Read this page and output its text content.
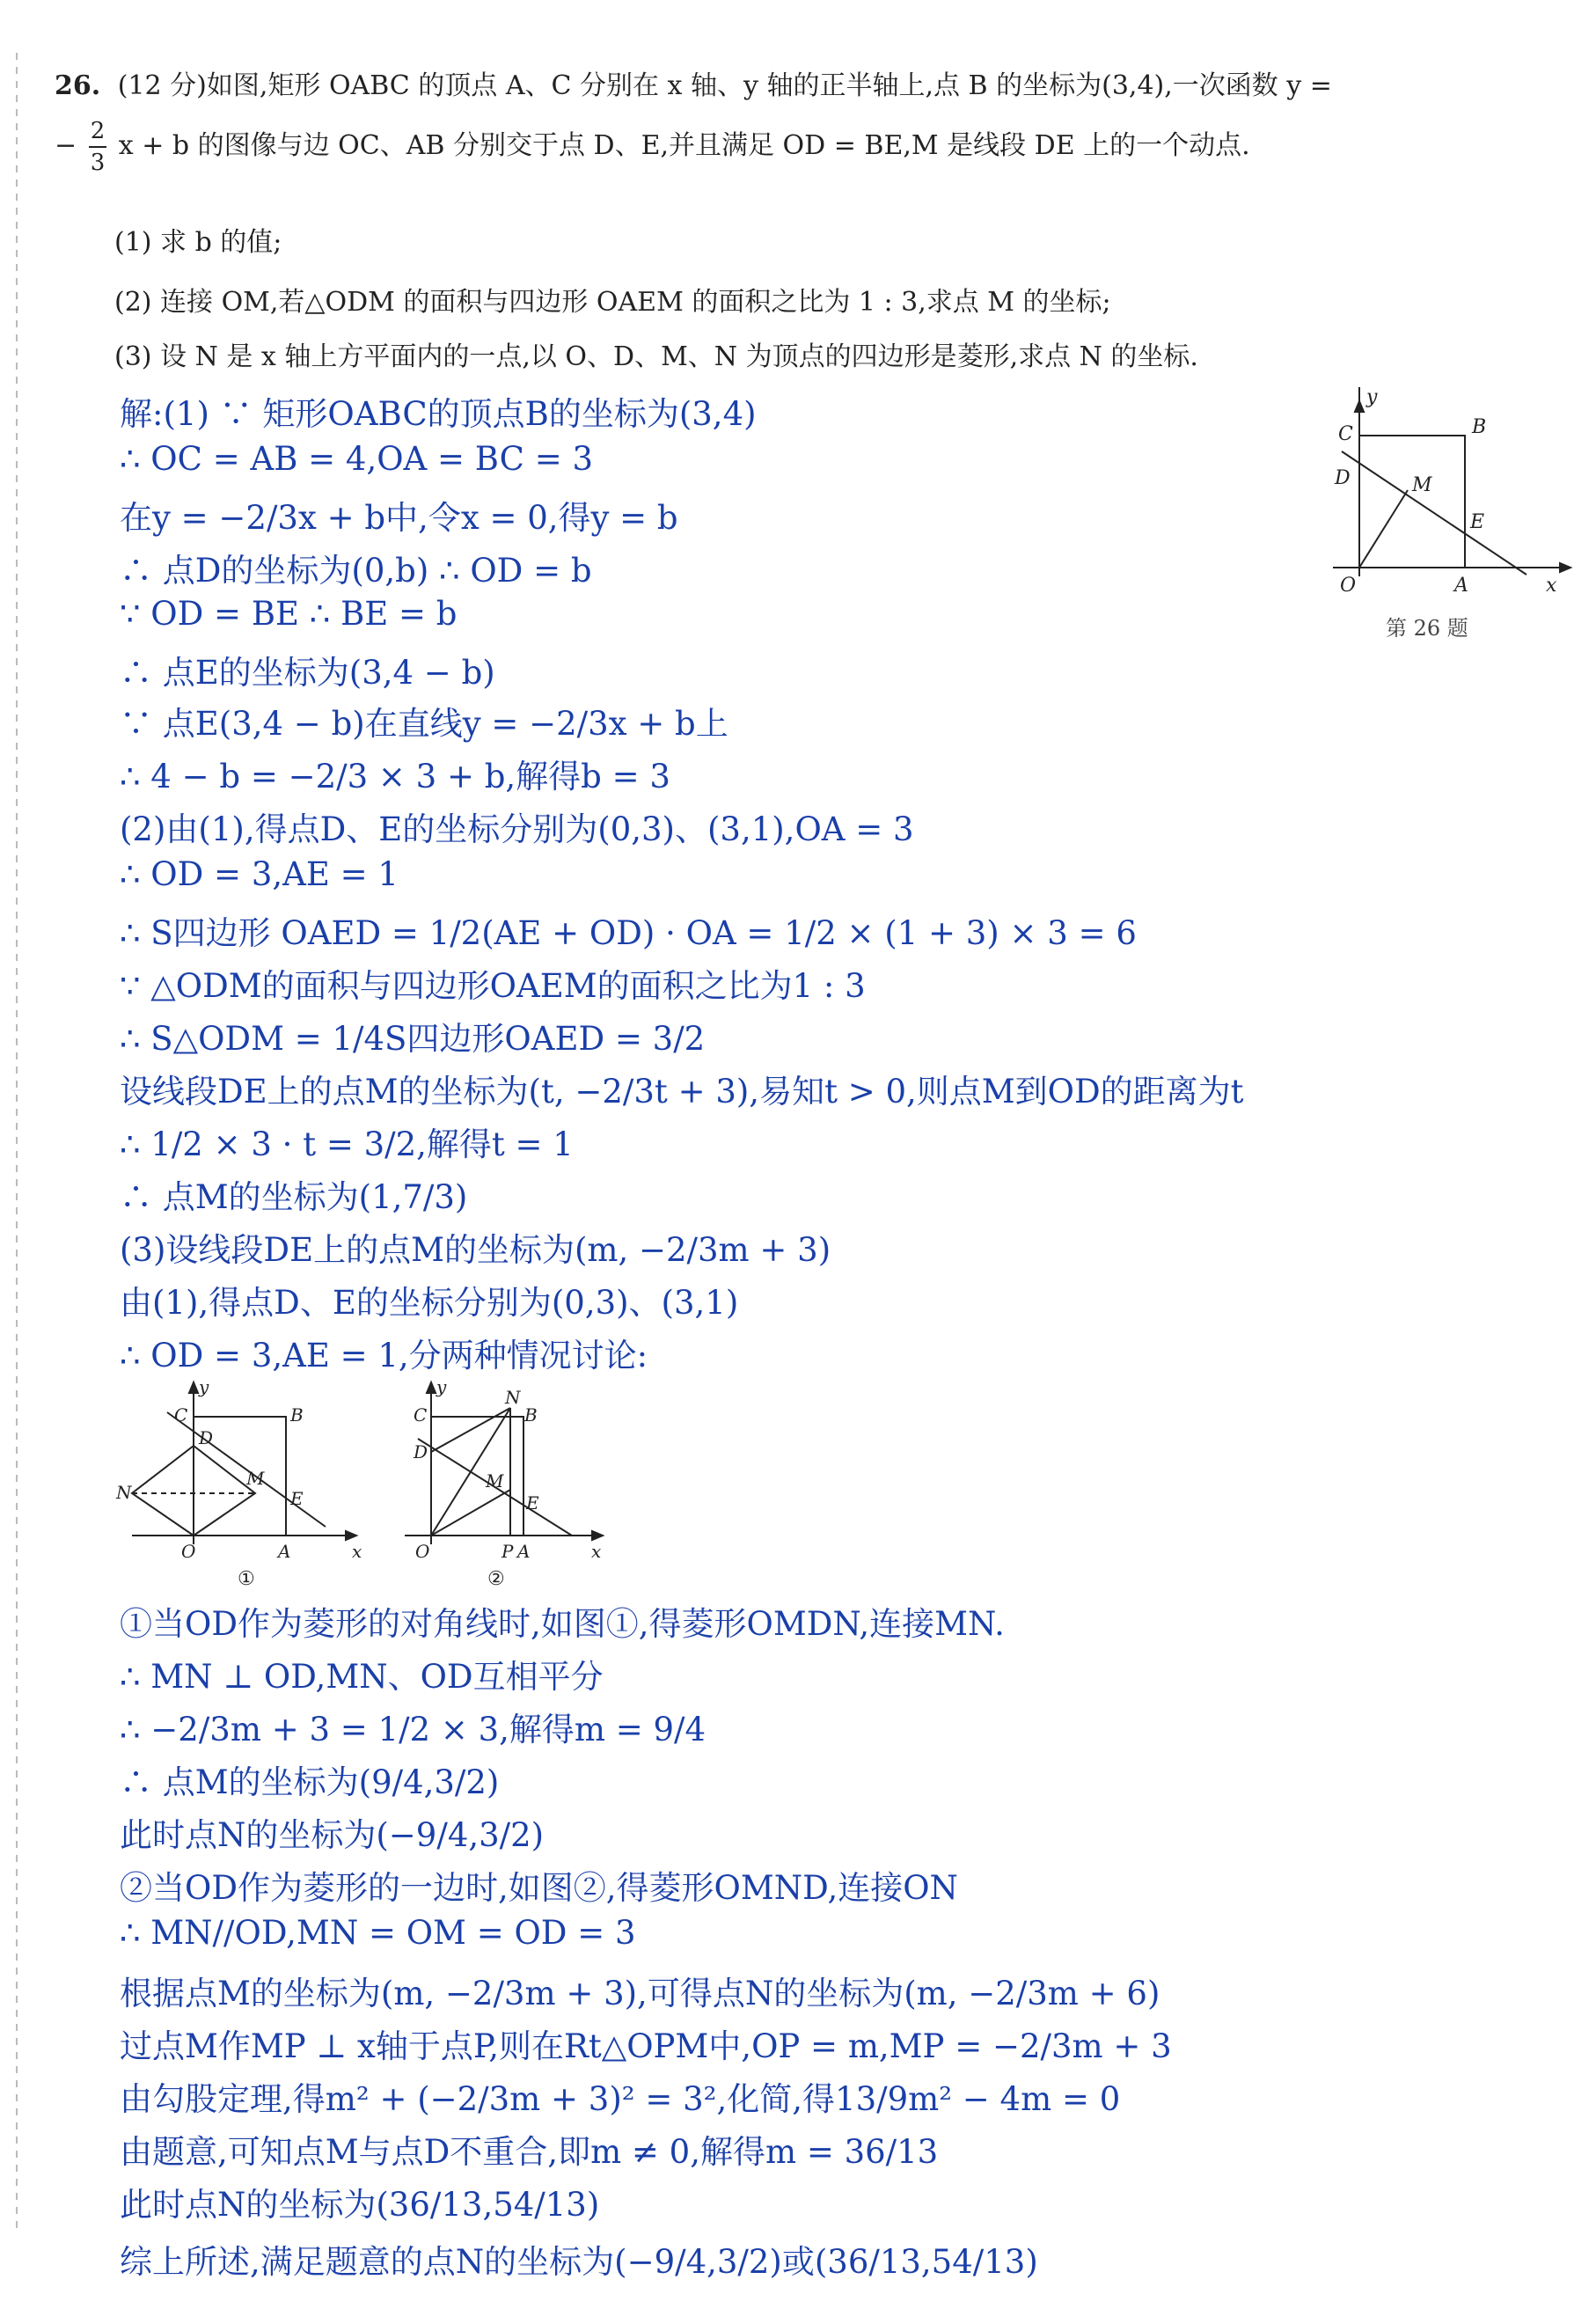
26. (12 分)如图,矩形 OABC 的顶点 A、C 分别在 x 轴、y 轴的正半轴上,点 B 的坐标为(3,4),一次函数 y =
− $\frac{2}{3}$ x + b 的图像与边 OC、AB 分别交于点 D、E,并且满足 OD = BE,M 是线段 DE 上的一个动点.
(1) 求 b 的值;
(2) 连接 OM,若△ODM 的面积与四边形 OAEM 的面积之比为 1 : 3,求点 M 的坐标;
(3) 设 N 是 x 轴上方平面内的一点,以 O、D、M、N 为顶点的四边形是菱形,求点 N 的坐标.
y
C	B
D	M
E
O	A	x
第 26 题
解:(1) ∵ 矩形OABC的顶点B的坐标为(3,4)
∴ OC = AB = 4,OA = BC = 3
在y = −2/3x + b中,令x = 0,得y = b
∴ 点D的坐标为(0,b) ∴ OD = b
∵ OD = BE ∴ BE = b
∴ 点E的坐标为(3,4 − b)
∵ 点E(3,4 − b)在直线y = −2/3x + b上
∴ 4 − b = −2/3 × 3 + b,解得b = 3
(2)由(1),得点D、E的坐标分别为(0,3)、(3,1),OA = 3
∴ OD = 3,AE = 1
∴ S四边形 OAED = 1/2(AE + OD) · OA = 1/2 × (1 + 3) × 3 = 6
∵ △ODM的面积与四边形OAEM的面积之比为1 : 3
∴ S△ODM = 1/4S四边形OAED = 3/2
设线段DE上的点M的坐标为(t, −2/3t + 3),易知t > 0,则点M到OD的距离为t
∴ 1/2 × 3 · t = 3/2,解得t = 1
∴ 点M的坐标为(1,7/3)
(3)设线段DE上的点M的坐标为(m, −2/3m + 3)
由(1),得点D、E的坐标分别为(0,3)、(3,1)
∴ OD = 3,AE = 1,分两种情况讨论:
y
C	B
D
N
M
E
O	A	x
①
y
C
N
B
D
M
E
O	P A	x
②
①当OD作为菱形的对角线时,如图①,得菱形OMDN,连接MN.
∴ MN ⊥ OD,MN、OD互相平分
∴ −2/3m + 3 = 1/2 × 3,解得m = 9/4
∴ 点M的坐标为(9/4,3/2)
此时点N的坐标为(−9/4,3/2)
②当OD作为菱形的一边时,如图②,得菱形OMND,连接ON
∴ MN//OD,MN = OM = OD = 3
根据点M的坐标为(m, −2/3m + 3),可得点N的坐标为(m, −2/3m + 6)
过点M作MP ⊥ x轴于点P,则在Rt△OPM中,OP = m,MP = −2/3m + 3
由勾股定理,得m² + (−2/3m + 3)² = 3²,化简,得13/9m² − 4m = 0
由题意,可知点M与点D不重合,即m ≠ 0,解得m = 36/13
此时点N的坐标为(36/13,54/13)
综上所述,满足题意的点N的坐标为(−9/4,3/2)或(36/13,54/13)
